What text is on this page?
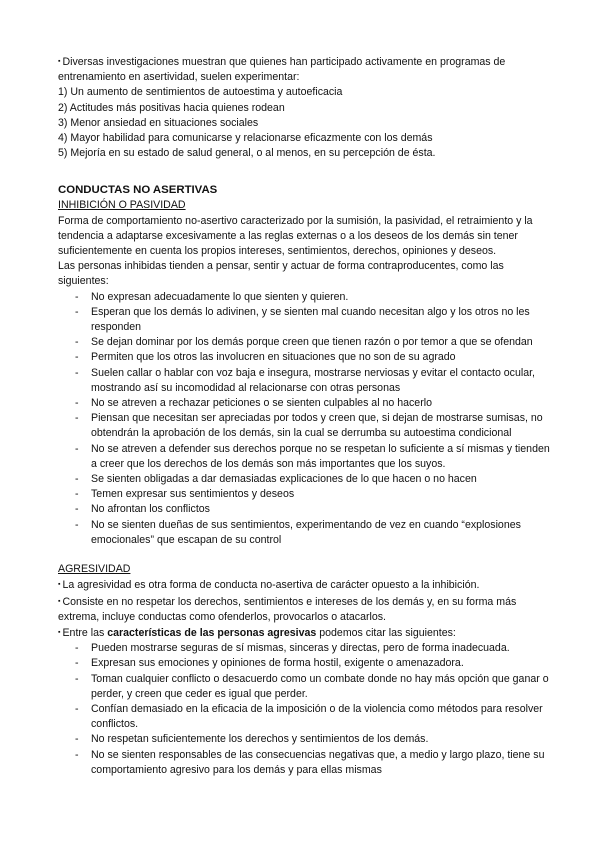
▪ Diversas investigaciones muestran que quienes han participado activamente en programas de entrenamiento en asertividad, suelen experimentar:

1) Un aumento de sentimientos de autoestima y autoeficacia

2) Actitudes más positivas hacia quienes rodean

3) Menor ansiedad en situaciones sociales

4) Mayor habilidad para comunicarse y relacionarse eficazmente con los demás

5) Mejoría en su estado de salud general, o al menos, en su percepción de ésta.

CONDUCTAS NO ASERTIVAS

INHIBICIÓN O PASIVIDAD

Forma de comportamiento no-asertivo caracterizado por la sumisión, la pasividad, el retraimiento y la tendencia a adaptarse excesivamente a las reglas externas o a los deseos de los demás sin tener suficientemente en cuenta los propios intereses, sentimientos, derechos, opiniones y deseos.

Las personas inhibidas tienden a pensar, sentir y actuar de forma contraproducentes, como las siguientes:

- No expresan adecuadamente lo que sienten y quieren.
- Esperan que los demás lo adivinen, y se sienten mal cuando necesitan algo y los otros no les responden
- Se dejan dominar por los demás porque creen que tienen razón o por temor a que se ofendan
- Permiten que los otros las involucren en situaciones que no son de su agrado
- Suelen callar o hablar con voz baja e insegura, mostrarse nerviosas y evitar el contacto ocular, mostrando así su incomodidad al relacionarse con otras personas
- No se atreven a rechazar peticiones o se sienten culpables al no hacerlo
- Piensan que necesitan ser apreciadas por todos y creen que, si dejan de mostrarse sumisas, no obtendrán la aprobación de los demás, sin la cual se derrumba su autoestima condicional
- No se atreven a defender sus derechos porque no se respetan lo suficiente a sí mismas y tienden a creer que los derechos de los demás son más importantes que los suyos.
- Se sienten obligadas a dar demasiadas explicaciones de lo que hacen o no hacen
- Temen expresar sus sentimientos y deseos
- No afrontan los conflictos
- No se sienten dueñas de sus sentimientos, experimentando de vez en cuando “explosiones emocionales” que escapan de su control

AGRESIVIDAD

▪ La agresividad es otra forma de conducta no-asertiva de carácter opuesto a la inhibición.

▪ Consiste en no respetar los derechos, sentimientos e intereses de los demás y, en su forma más extrema, incluye conductas como ofenderlos, provocarlos o atacarlos.

▪ Entre las características de las personas agresivas podemos citar las siguientes:

- Pueden mostrarse seguras de sí mismas, sinceras y directas, pero de forma inadecuada.
- Expresan sus emociones y opiniones de forma hostil, exigente o amenazadora.
- Toman cualquier conflicto o desacuerdo como un combate donde no hay más opción que ganar o perder, y creen que ceder es igual que perder.
- Confían demasiado en la eficacia de la imposición o de la violencia como métodos para resolver conflictos.
- No respetan suficientemente los derechos y sentimientos de los demás.
- No se sienten responsables de las consecuencias negativas que, a medio y largo plazo, tiene su comportamiento agresivo para los demás y para ellas mismas
